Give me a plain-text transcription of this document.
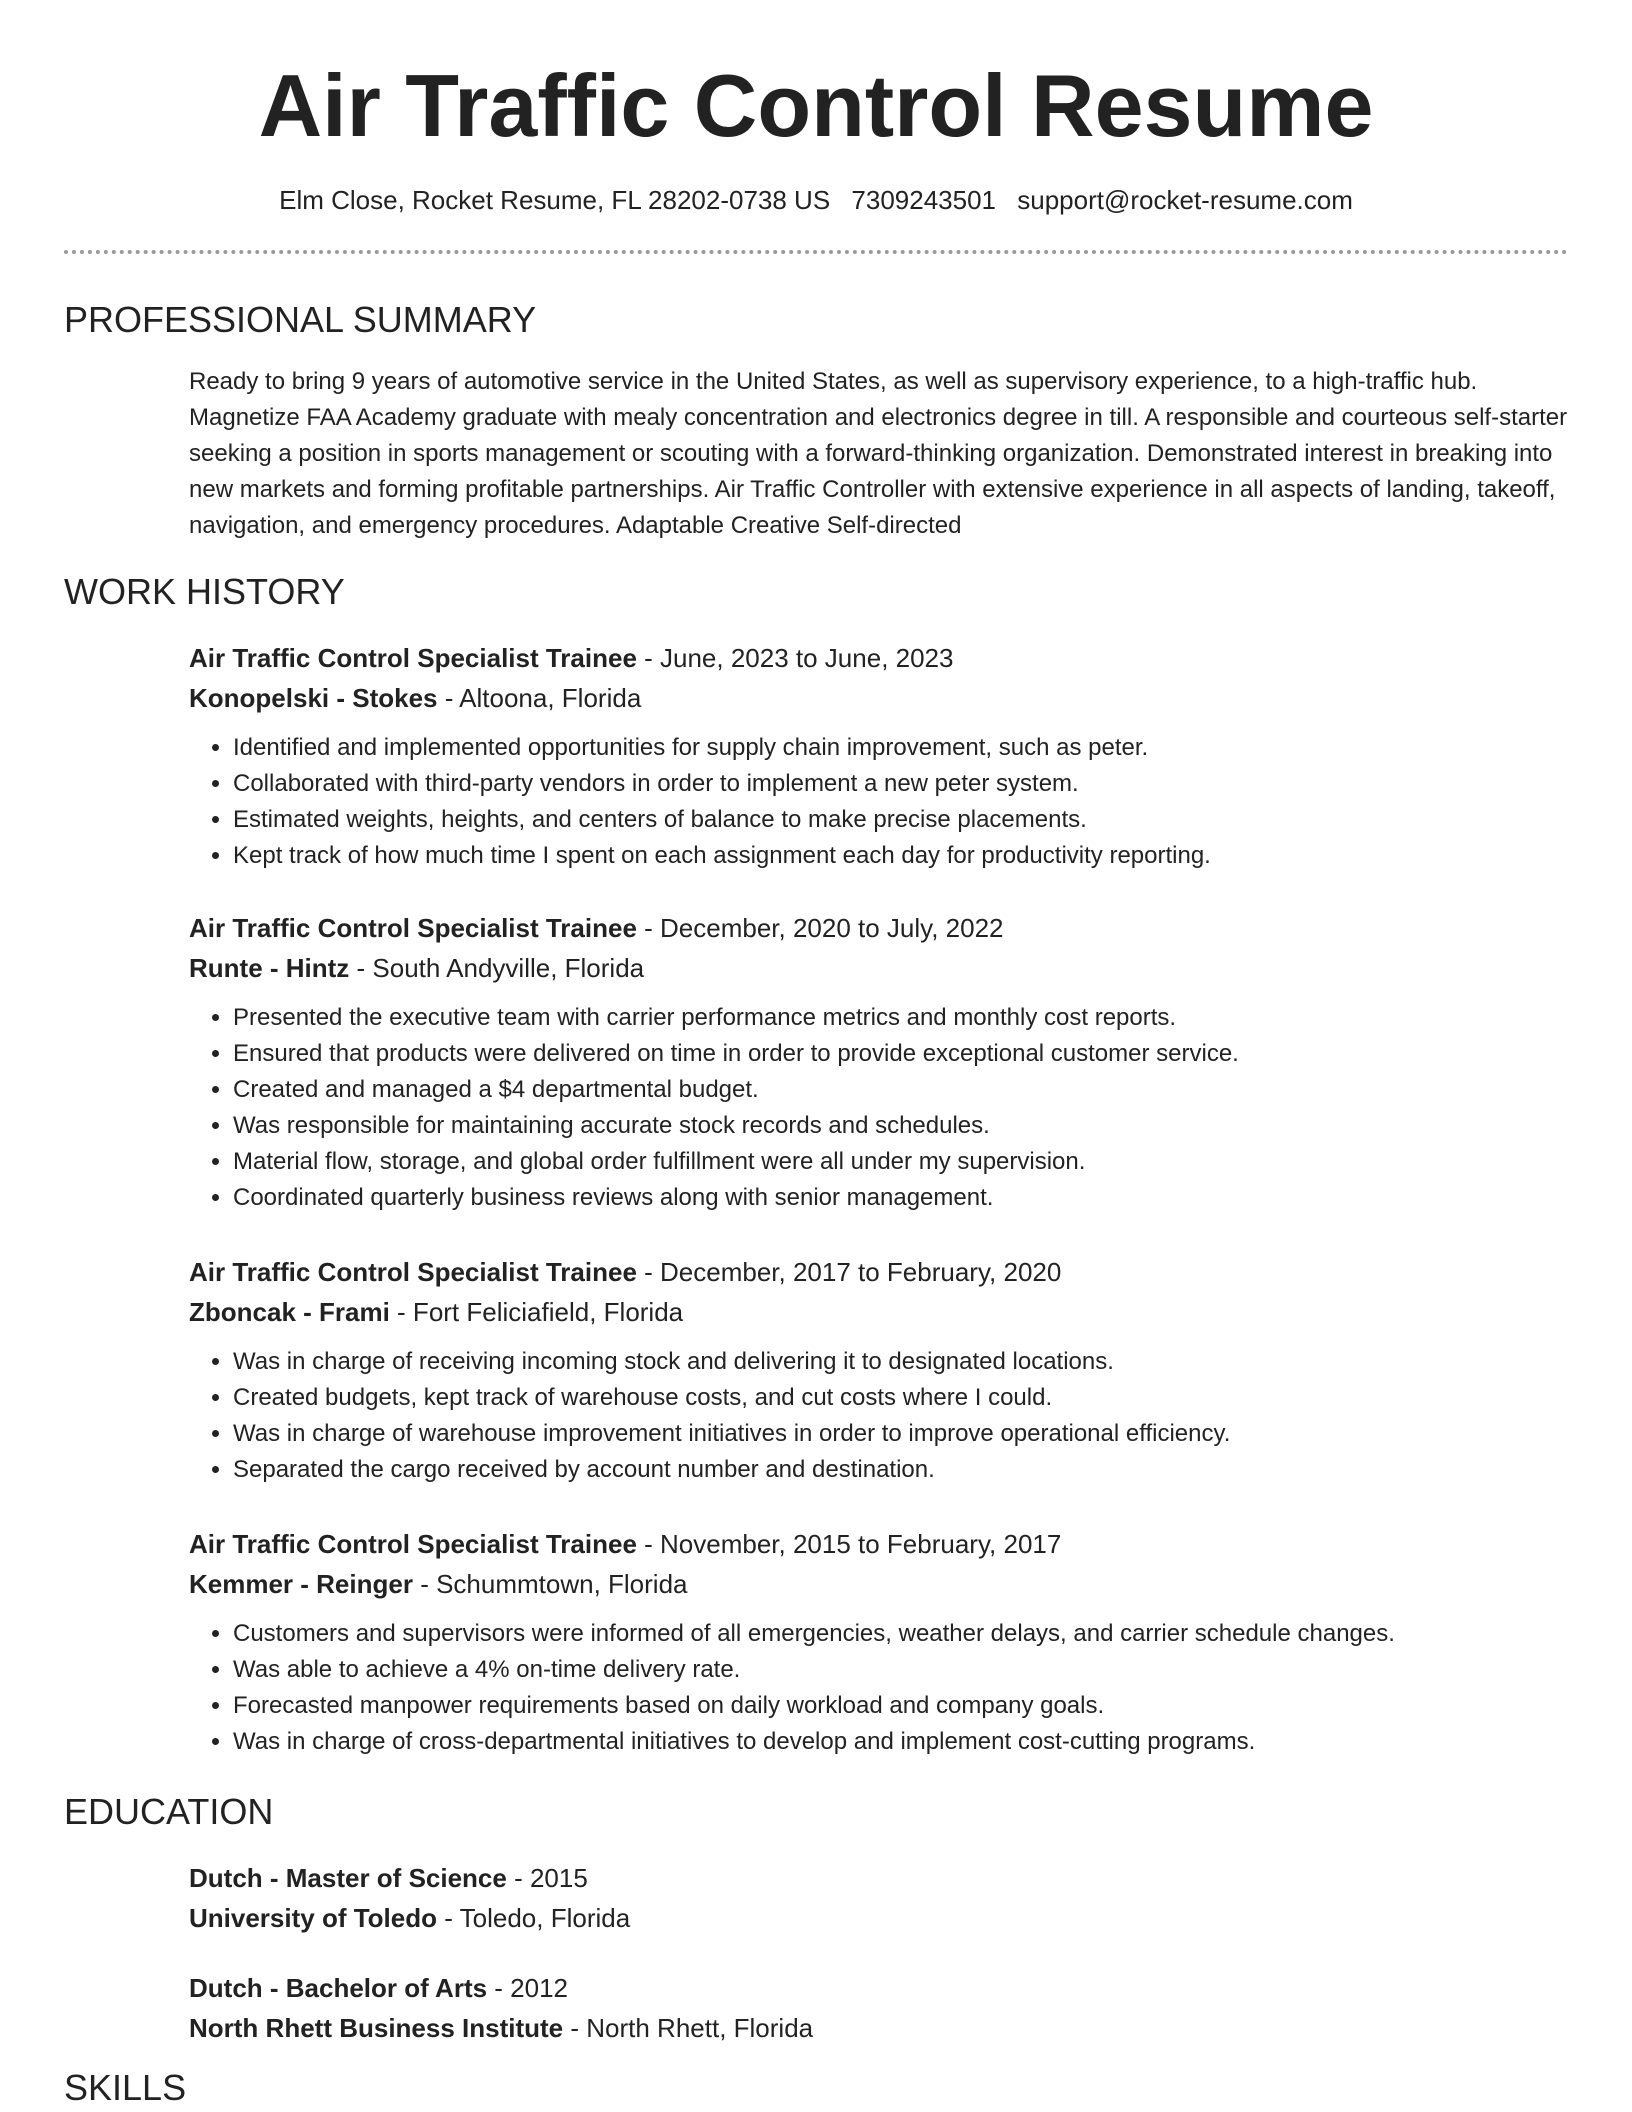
Air Traffic Control Resume
Elm Close, Rocket Resume, FL 28202-0738 US 7309243501 support@rocket-resume.com
PROFESSIONAL SUMMARY

Ready to bring 9 years of automotive service in the United States, as well as supervisory experience, to a high-traffic hub. Magnetize FAA Academy graduate with mealy concentration and electronics degree in till. A responsible and courteous self-starter seeking a position in sports management or scouting with a forward-thinking organization. Demonstrated interest in breaking into new markets and forming profitable partnerships. Air Traffic Controller with extensive experience in all aspects of landing, takeoff, navigation, and emergency procedures. Adaptable Creative Self-directed

WORK HISTORY
Air Traffic Control Specialist Trainee - June, 2023 to June, 2023
Konopelski - Stokes - Altoona, Florida
• Identified and implemented opportunities for supply chain improvement, such as peter.
• Collaborated with third-party vendors in order to implement a new peter system.
• Estimated weights, heights, and centers of balance to make precise placements.
• Kept track of how much time I spent on each assignment each day for productivity reporting.
Air Traffic Control Specialist Trainee - December, 2020 to July, 2022
Runte - Hintz - South Andyville, Florida
• Presented the executive team with carrier performance metrics and monthly cost reports.
• Ensured that products were delivered on time in order to provide exceptional customer service.
• Created and managed a $4 departmental budget.
• Was responsible for maintaining accurate stock records and schedules.
• Material flow, storage, and global order fulfillment were all under my supervision.
• Coordinated quarterly business reviews along with senior management.
Air Traffic Control Specialist Trainee - December, 2017 to February, 2020
Zboncak - Frami - Fort Feliciafield, Florida
• Was in charge of receiving incoming stock and delivering it to designated locations.
• Created budgets, kept track of warehouse costs, and cut costs where I could.
• Was in charge of warehouse improvement initiatives in order to improve operational efficiency.
• Separated the cargo received by account number and destination.
Air Traffic Control Specialist Trainee - November, 2015 to February, 2017
Kemmer - Reinger - Schummtown, Florida
• Customers and supervisors were informed of all emergencies, weather delays, and carrier schedule changes.
• Was able to achieve a 4% on-time delivery rate.
• Forecasted manpower requirements based on daily workload and company goals.
• Was in charge of cross-departmental initiatives to develop and implement cost-cutting programs.
EDUCATION
Dutch - Master of Science - 2015
University of Toledo - Toledo, Florida
Dutch - Bachelor of Arts - 2012
North Rhett Business Institute - North Rhett, Florida
SKILLS
